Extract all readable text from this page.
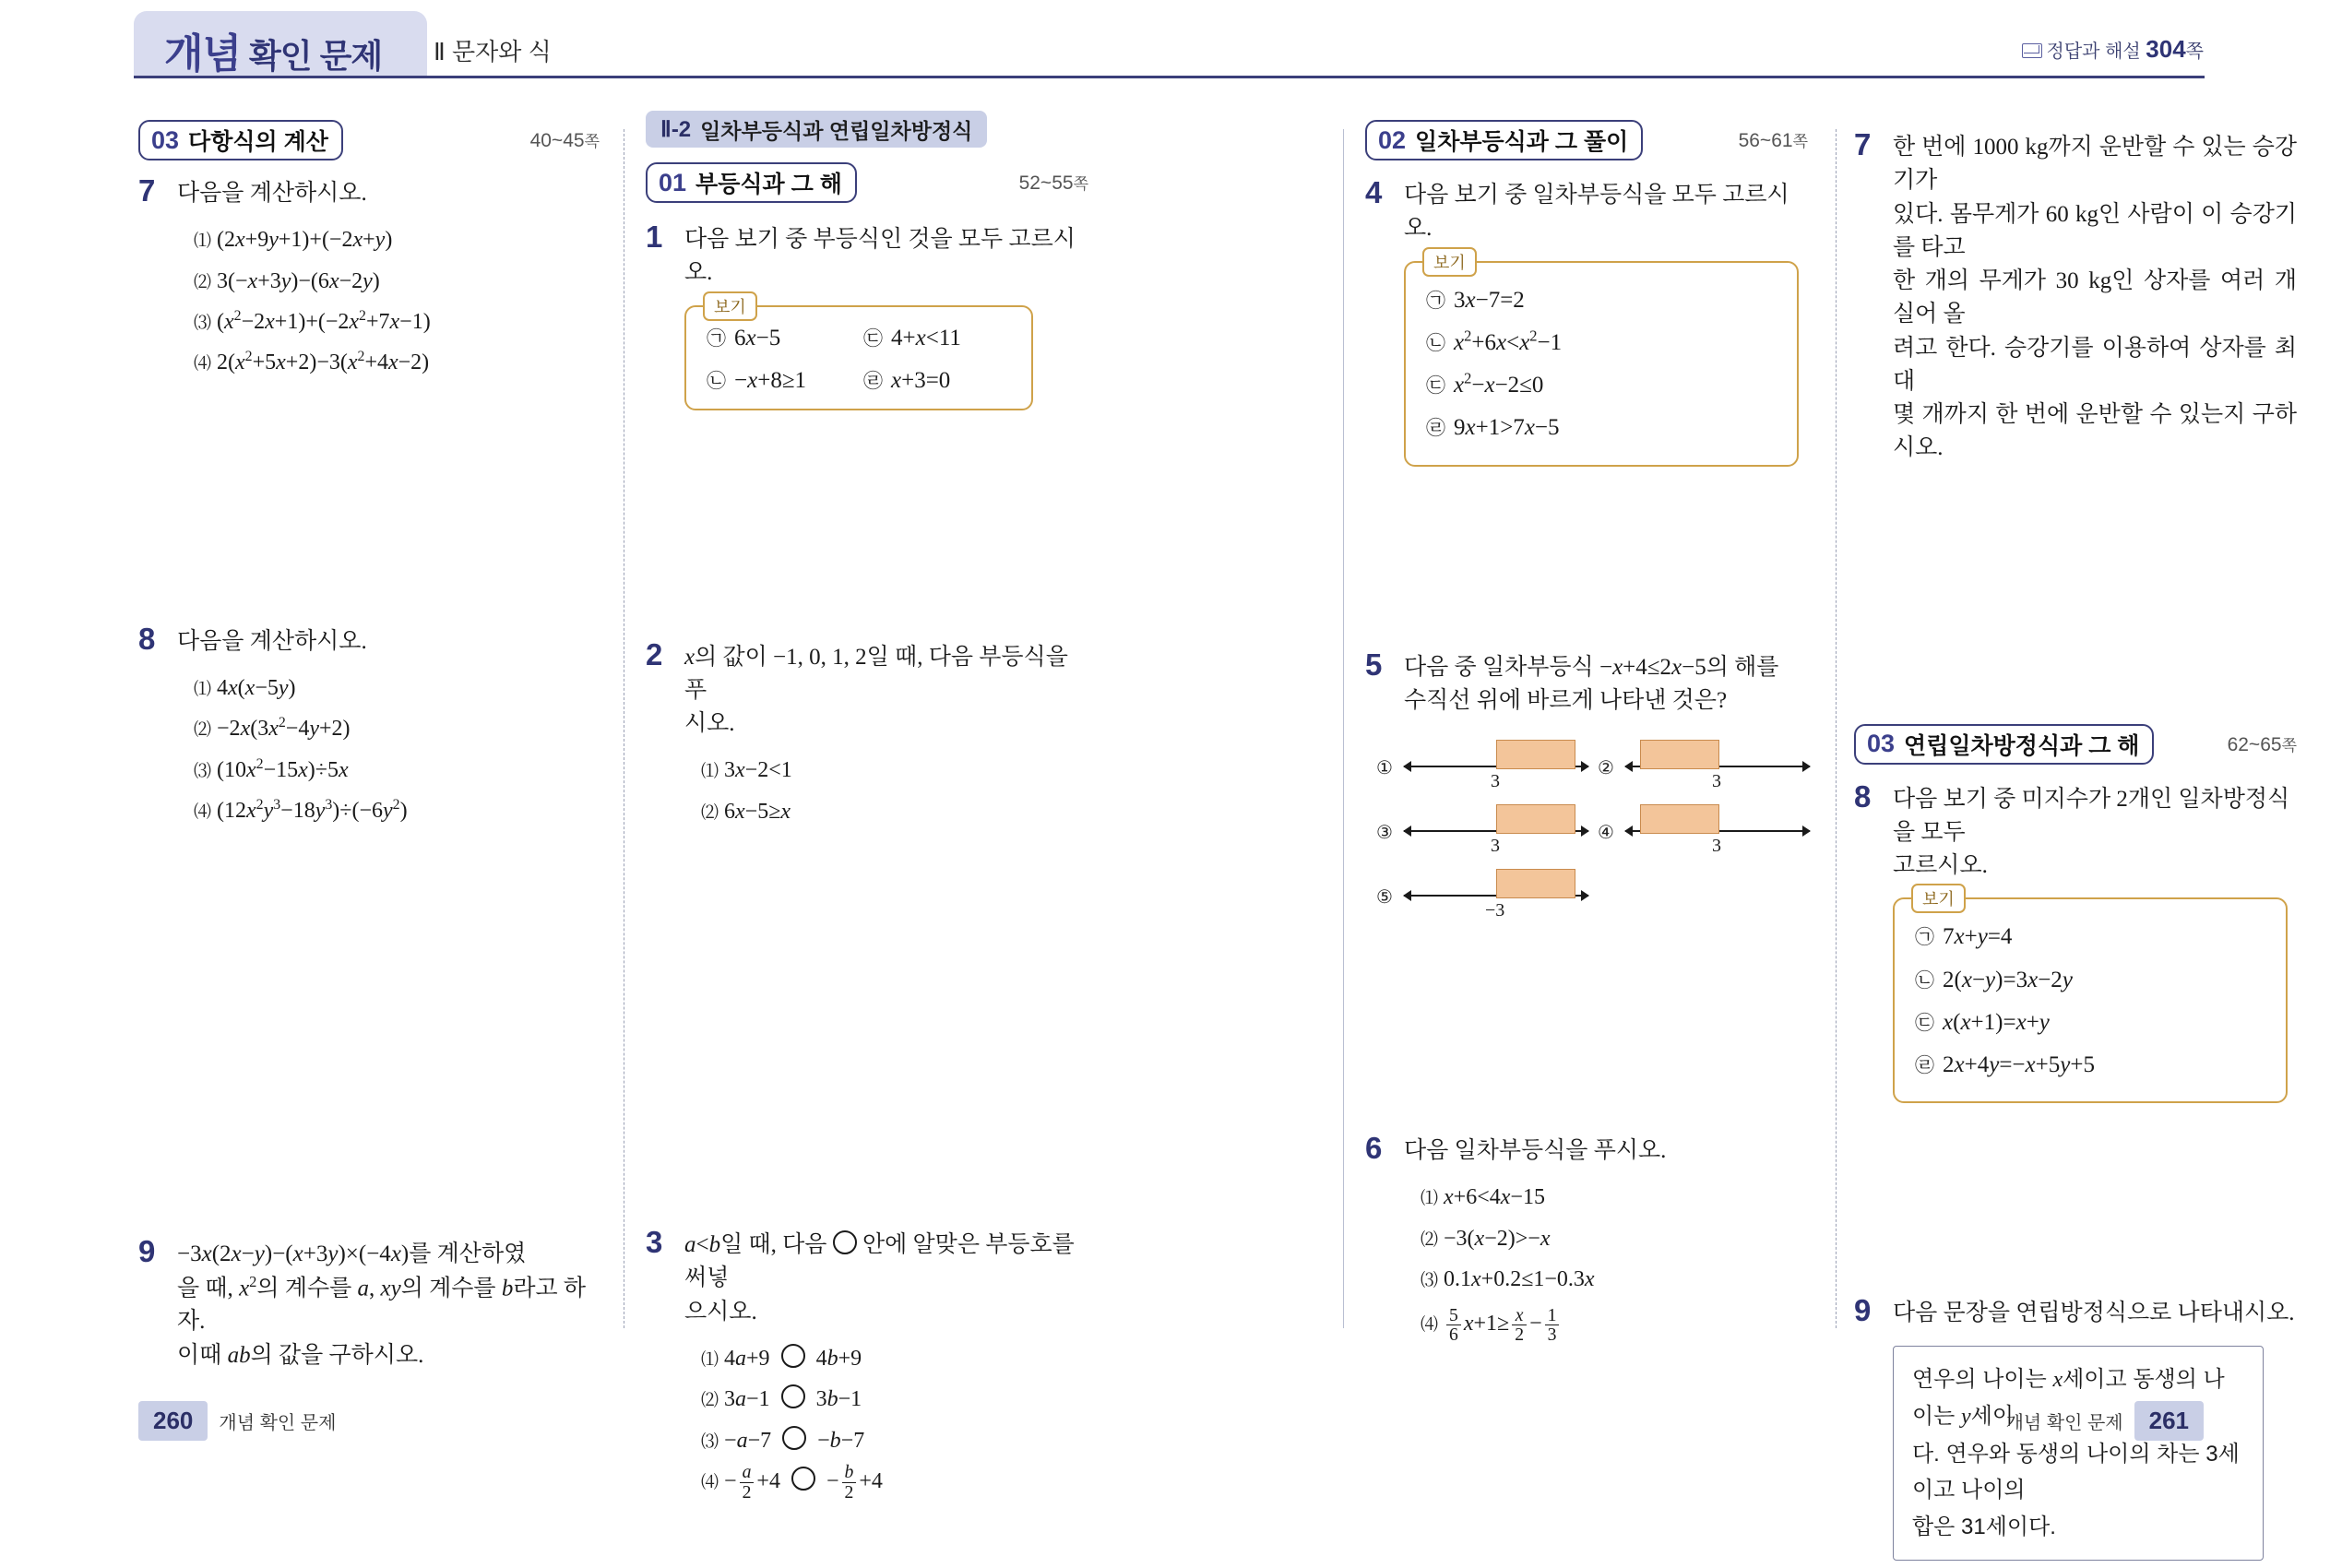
개념 확인 문제 Ⅱ 문자와 식	정답과 해설 304쪽
03 다항식의 계산	40~45쪽
7 다음을 계산하시오.
⑴ (2x+9y+1)+(−2x+y)
⑵ 3(−x+3y)−(6x−2y)
⑶ $(x^2-2x+1)+(-2x^2+7x-1)$
⑷ $2(x^2+5x+2)-3(x^2+4x-2)$
8 다음을 계산하시오.
⑴ 4x(x−5y)
⑵ $-2x(3x^2-4y+2)$
⑶ $(10x^2-15x)\div 5x$
⑷ $(12x^2y^3-18y^3)\div(-6y^2)$
9 −3x(2x−y)−(x+3y)×(−4x)를 계산하였
을 때, $x^2$의 계수를 a, xy의 계수를 b라고 하자.
이때 ab의 값을 구하시오.
Ⅱ-2 일차부등식과 연립일차방정식
01 부등식과 그 해	52~55쪽
1 다음 보기 중 부등식인 것을 모두 고르시오.
보기
㉠ 6x−5	㉢ 4+x<11
㉡ −x+8≥1	㉣ x+3=0
2 x의 값이 −1, 0, 1, 2일 때, 다음 부등식을 푸
시오.
⑴ 3x−2<1
⑵ 6x−5≥x
3 a<b일 때, 다음  안에 알맞은 부등호를 써넣
으시오.
⑴ 4a+9  4b+9
⑵ 3a−1  3b−1
⑶ −a−7  −b−7
⑷ − $\frac{a}{2} +4 - \frac{b}{2} +4$
02 일차부등식과 그 풀이	56~61쪽
4 다음 보기 중 일차부등식을 모두 고르시오.
보기
㉠ 3x−7=2
㉡ $x^2+6x<x^2-1$
㉢ $x^2-x-2\le 0$
㉣ 9x+1>7x−5
5 다음 중 일차부등식 −x+4≤2x−5의 해를
수직선 위에 바르게 나타낸 것은?
①
3
②
3
③
3
④
3
⑤
−3
6 다음 일차부등식을 푸시오.
⑴ x+6<4x−15
⑵ −3(x−2)>−x
⑶ 0.1x+0.2≤1−0.3x
⑷ $\frac{5}{6} x+1\ge \frac{x}{2} - \frac{1}{3}$
7 한 번에 1000 kg까지 운반할 수 있는 승강기가
있다. 몸무게가 60 kg인 사람이 이 승강기를 타고
한 개의 무게가 30 kg인 상자를 여러 개 실어 올
려고 한다. 승강기를 이용하여 상자를 최대
몇 개까지 한 번에 운반할 수 있는지 구하시오.
03 연립일차방정식과 그 해	62~65쪽
8 다음 보기 중 미지수가 2개인 일차방정식을 모두
고르시오.
보기
㉠ 7x+y=4
㉡ 2(x−y)=3x−2y
㉢ x(x+1)=x+y
㉣ 2x+4y=−x+5y+5
9 다음 문장을 연립방정식으로 나타내시오.
연우의 나이는 x세이고 동생의 나이는 y세이
다. 연우와 동생의 나이의 차는 3세이고 나이의
합은 31세이다.
260 개념 확인 문제	개념 확인 문제 261
